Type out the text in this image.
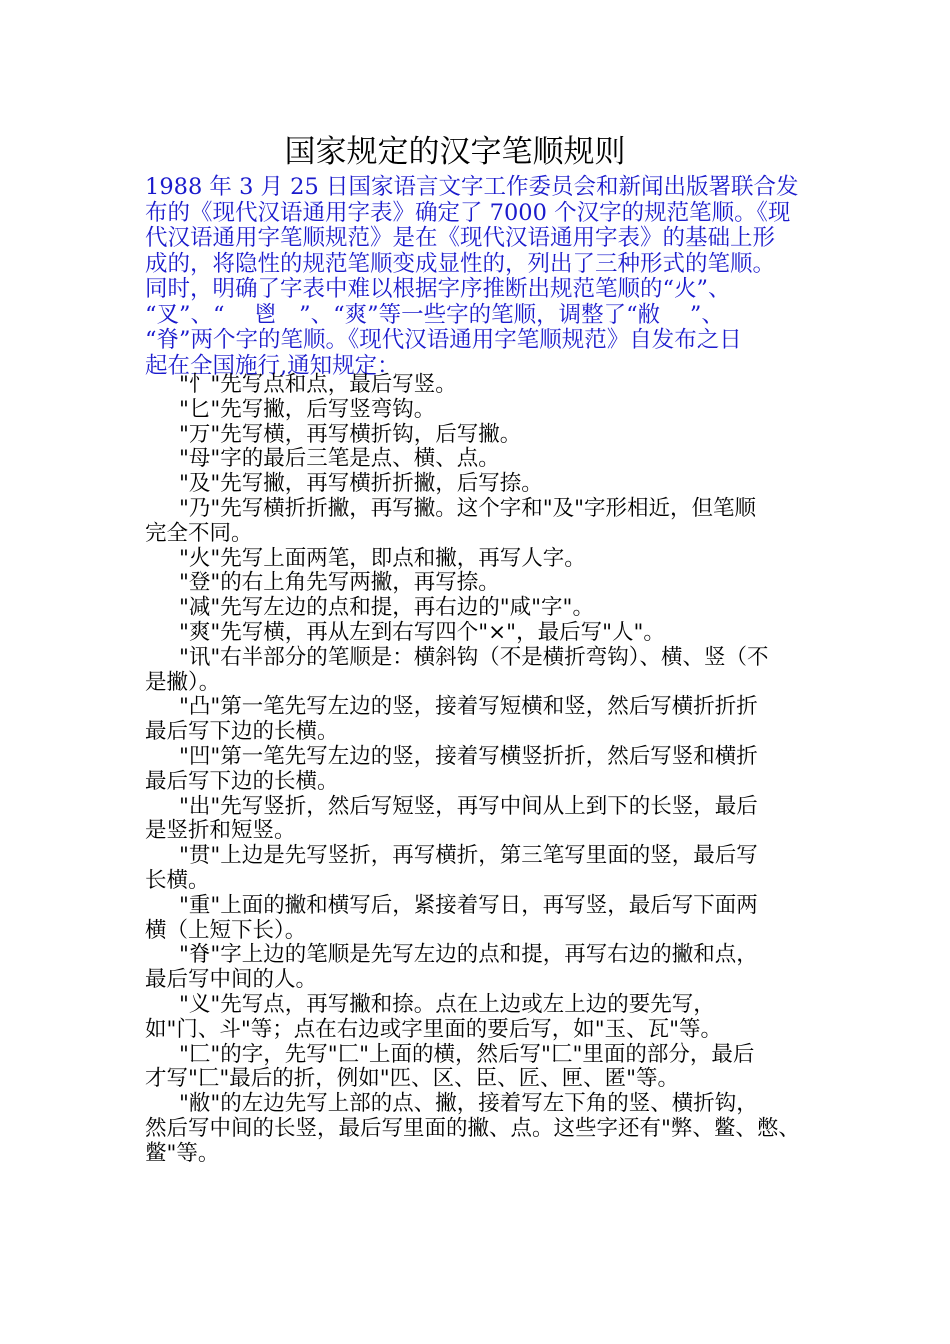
国家规定的汉字笔顺规则
1988 年 3 月 25 日国家语言文字工作委员会和新闻出版署联合发
布的《现代汉语通用字表》确定了 7000 个汉字的规范笔顺。《现
代汉语通用字笔顺规范》是在《现代汉语通用字表》的基础上形
成的，将隐性的规范笔顺变成显性的，列出了三种形式的笔顺。
同时，明确了字表中难以根据字序推断出规范笔顺的“火”、
“叉”、“　 鬯　”、“爽”等一些字的笔顺，调整了“敝　 ”、
“脊”两个字的笔顺。《现代汉语通用字笔顺规范》自发布之日
起在全国施行,通知规定：
"忄"先写点和点，最后写竖。
"匕"先写撇，后写竖弯钩。
"万"先写横，再写横折钩，后写撇。
"母"字的最后三笔是点、横、点。
"及"先写撇，再写横折折撇，后写捺。
"乃"先写横折折撇，再写撇。这个字和"及"字形相近，但笔顺
完全不同。
"火"先写上面两笔，即点和撇，再写人字。
"登"的右上角先写两撇，再写捺。
"减"先写左边的点和提，再右边的"咸"字"。
"爽"先写横，再从左到右写四个"×"，最后写"人"。
"讯"右半部分的笔顺是：横斜钩（不是横折弯钩）、横、竖（不
是撇）。
"凸"第一笔先写左边的竖，接着写短横和竖，然后写横折折折
最后写下边的长横。
"凹"第一笔先写左边的竖，接着写横竖折折，然后写竖和横折
最后写下边的长横。
"出"先写竖折，然后写短竖，再写中间从上到下的长竖，最后
是竖折和短竖。
"贯"上边是先写竖折，再写横折，第三笔写里面的竖，最后写
长横。
"重"上面的撇和横写后，紧接着写日，再写竖，最后写下面两
横（上短下长）。
"脊"字上边的笔顺是先写左边的点和提，再写右边的撇和点，
最后写中间的人。
"义"先写点，再写撇和捺。点在上边或左上边的要先写，
如"门、斗"等；点在右边或字里面的要后写，如"玉、瓦"等。
"匚"的字，先写"匚"上面的横，然后写"匚"里面的部分，最后
才写"匚"最后的折，例如"匹、区、臣、匠、匣、匿"等。
"敝"的左边先写上部的点、撇，接着写左下角的竖、横折钩，
然后写中间的长竖，最后写里面的撇、点。这些字还有"弊、鳖、憋、
鳖"等。
